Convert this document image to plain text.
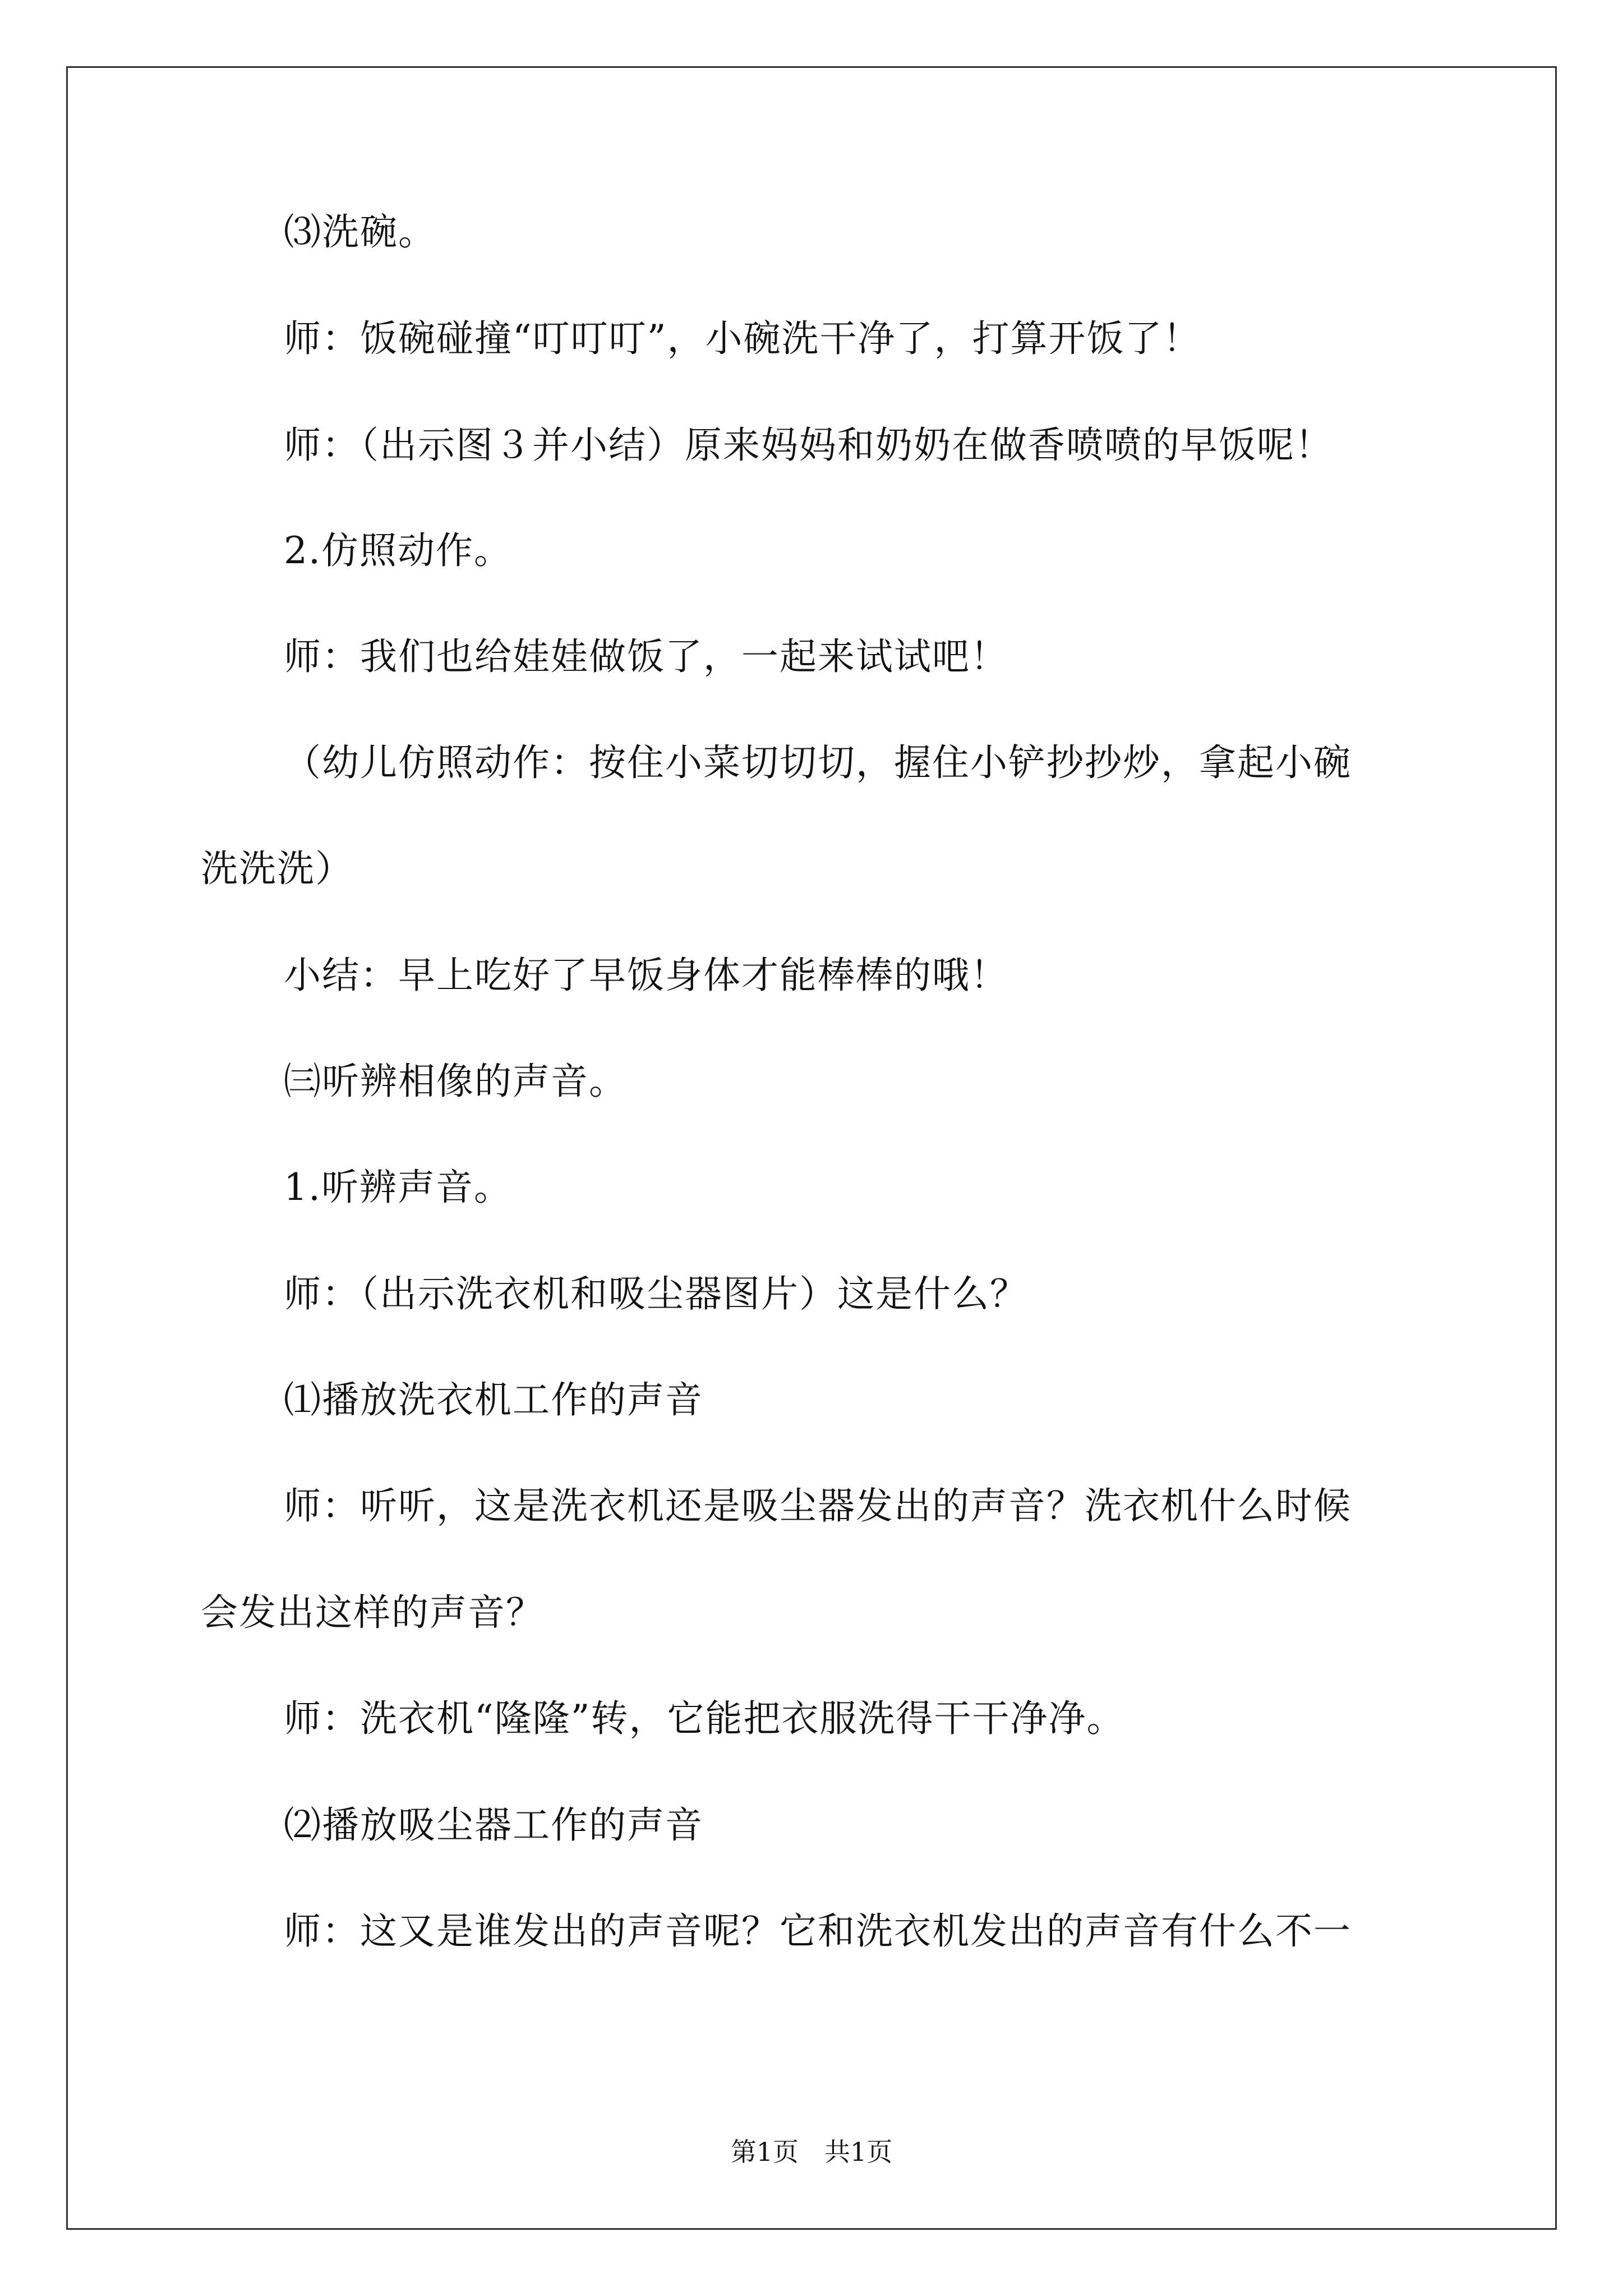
⑶洗碗。
师：饭碗碰撞“叮叮叮”，小碗洗干净了，打算开饭了！
师：（出示图３并小结）原来妈妈和奶奶在做香喷喷的早饭呢！
2.仿照动作。
师：我们也给娃娃做饭了，一起来试试吧！
（幼儿仿照动作：按住小菜切切切，握住小铲抄抄炒，拿起小碗
洗洗洗）
小结：早上吃好了早饭身体才能棒棒的哦！
㈢听辨相像的声音。
1.听辨声音。
师：（出示洗衣机和吸尘器图片）这是什么？
⑴播放洗衣机工作的声音
师：听听，这是洗衣机还是吸尘器发出的声音？洗衣机什么时候
会发出这样的声音？
师：洗衣机“隆隆”转，它能把衣服洗得干干净净。
⑵播放吸尘器工作的声音
师：这又是谁发出的声音呢？它和洗衣机发出的声音有什么不一
第1页 共1页
